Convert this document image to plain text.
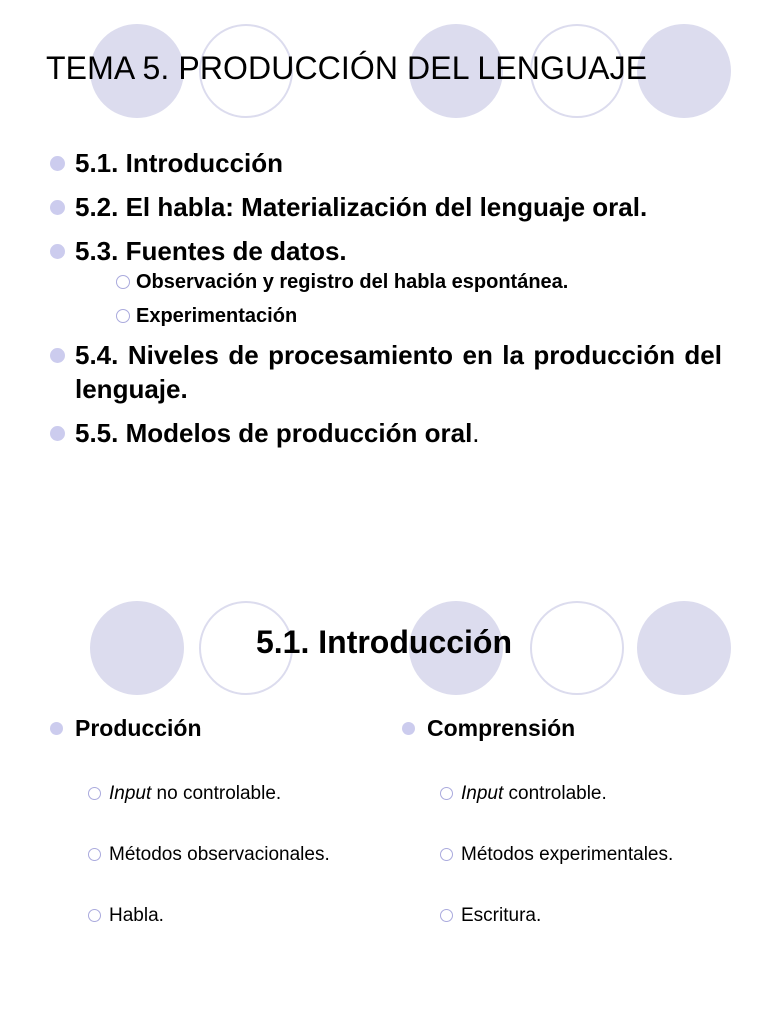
TEMA 5. PRODUCCIÓN DEL LENGUAJE
5.1. Introducción
5.2. El habla: Materialización del lenguaje oral.
5.3. Fuentes de datos.
Observación y registro del habla espontánea.
Experimentación
5.4. Niveles de procesamiento en la producción del lenguaje.
5.5. Modelos de producción oral.
5.1. Introducción
Producción
Input no controlable.
Métodos observacionales.
Habla.
Comprensión
Input controlable.
Métodos experimentales.
Escritura.
